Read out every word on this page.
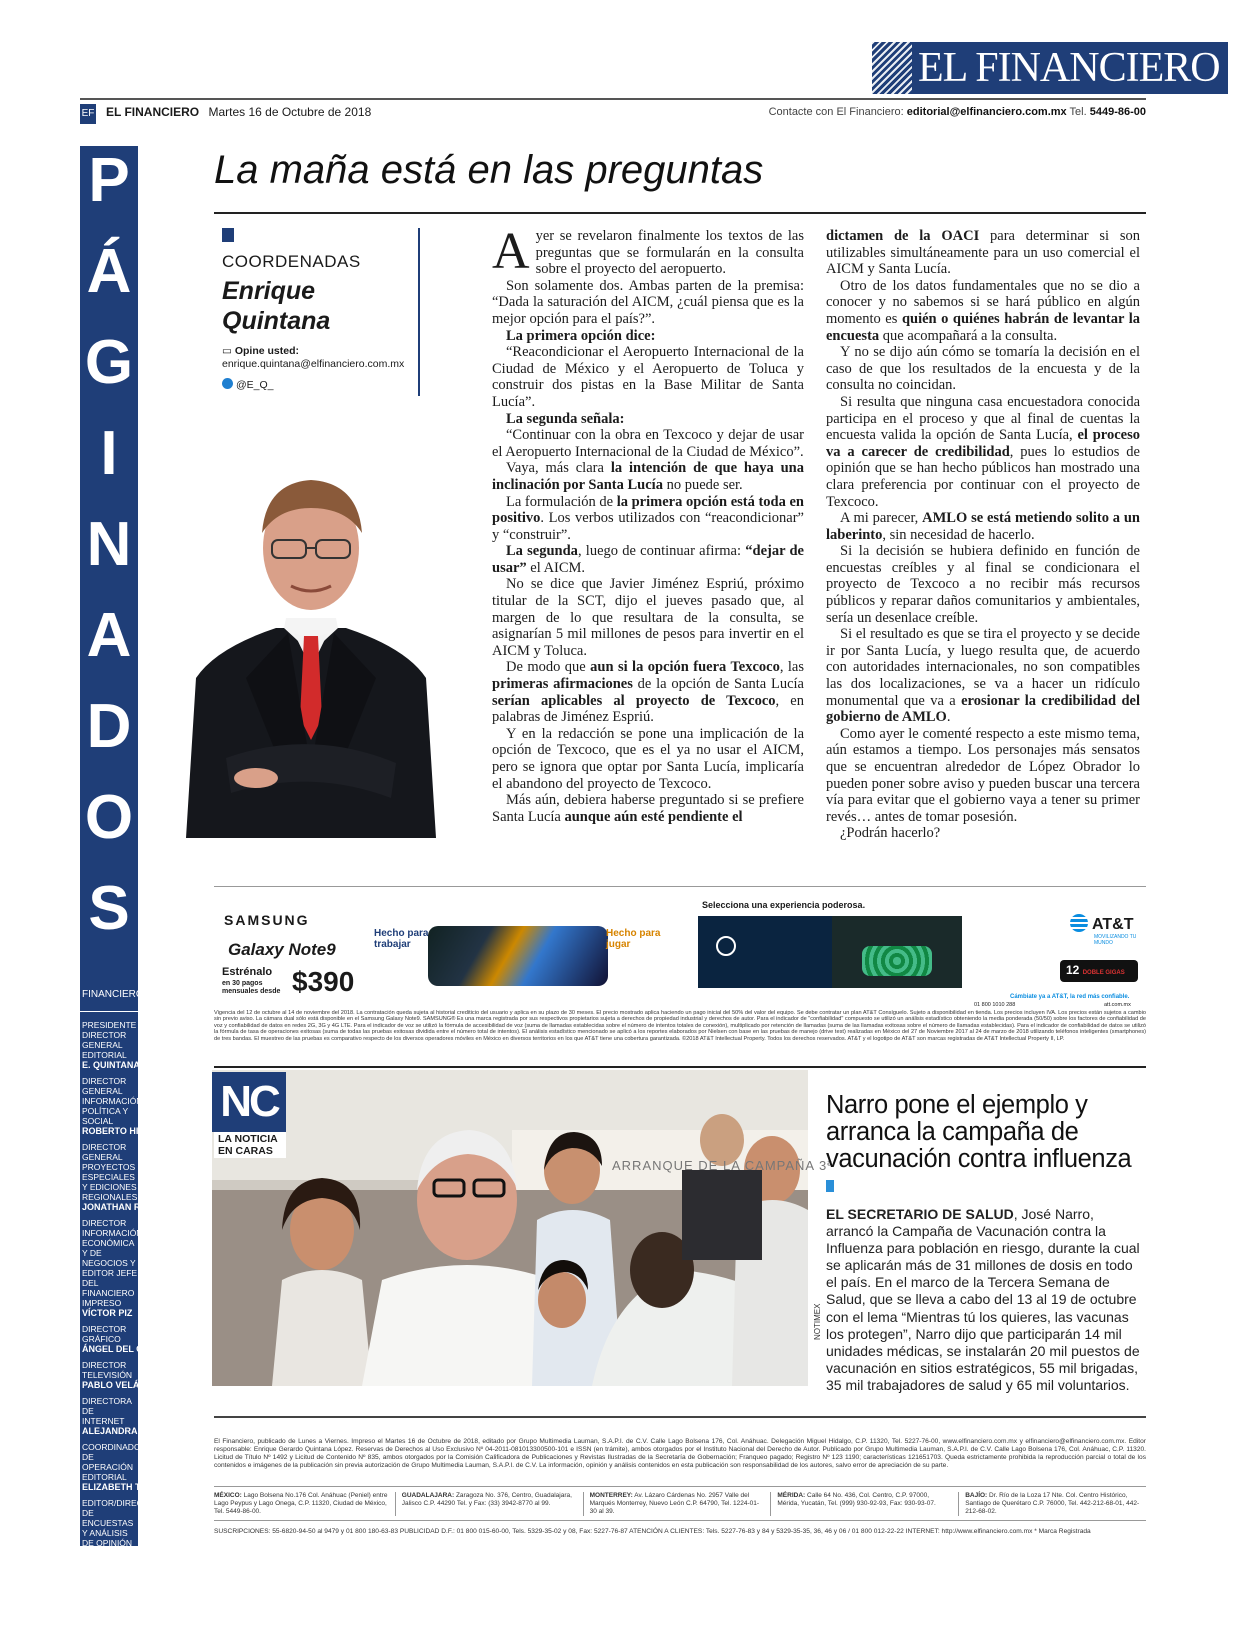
EL FINANCIERO
EF EL FINANCIERO Martes 16 de Octubre de 2018	Contacte con El Financiero: editorial@elfinanciero.com.mx Tel. 5449-86-00
P
Á
G
I
N
A
D
O
S
FINANCIERO
PRESIDENTE DIRECTOR GENERAL EDITORIAL
E. QUINTANA
DIRECTOR GENERAL INFORMACIÓN POLÍTICA Y SOCIAL
ROBERTO HIRIART
DIRECTOR GENERAL PROYECTOS ESPECIALES Y EDICIONES REGIONALES
JONATHAN RUIZ
DIRECTOR INFORMACIÓN ECONÓMICA Y DE NEGOCIOS Y EDITOR JEFE DEL FINANCIERO IMPRESO
VÍCTOR PIZ
DIRECTOR GRÁFICO
ÁNGEL DEL CASTILLO
DIRECTOR TELEVISIÓN
PABLO VELÁZQUEZ
DIRECTORA DE INTERNET
ALEJANDRA CÉSAR
COORDINADORA DE OPERACIÓN EDITORIAL
ELIZABETH TORREZ
EDITOR/DIRECTOR DE ENCUESTAS Y ANÁLISIS DE OPINIÓN
ALEJANDRO MORENO
DIRECTORA COMERCIAL
ELIZABETH SÁENZ
DIRECTOR DE CIRCULACIÓN
FERNANDO ARNAUD
La maña está en las preguntas
COORDENADAS
Enrique Quintana
▭ Opine usted:
enrique.quintana@elfinanciero.com.mx
@E_Q_

Ayer se revelaron finalmente los textos de las preguntas que se formularán en la consulta sobre el proyecto del aeropuerto.

Son solamente dos. Ambas parten de la premisa: “Dada la saturación del AICM, ¿cuál piensa que es la mejor opción para el país?”.

La primera opción dice:

“Reacondicionar el Aeropuerto Internacional de la Ciudad de México y el Aeropuerto de Toluca y construir dos pistas en la Base Militar de Santa Lucía”.

La segunda señala:

“Continuar con la obra en Texcoco y dejar de usar el Aeropuerto Internacional de la Ciudad de México”.

Vaya, más clara la intención de que haya una inclinación por Santa Lucía no puede ser.

La formulación de la primera opción está toda en positivo. Los verbos utilizados con “reacondicionar” y “construir”.

La segunda, luego de continuar afirma: “dejar de usar” el AICM.

No se dice que Javier Jiménez Espriú, próximo titular de la SCT, dijo el jueves pasado que, al margen de lo que resultara de la consulta, se asignarían 5 mil millones de pesos para invertir en el AICM y Toluca.

De modo que aun si la opción fuera Texcoco, las primeras afirmaciones de la opción de Santa Lucía serían aplicables al proyecto de Texcoco, en palabras de Jiménez Espriú.

Y en la redacción se pone una implicación de la opción de Texcoco, que es el ya no usar el AICM, pero se ignora que optar por Santa Lucía, implicaría el abandono del proyecto de Texcoco.

Más aún, debiera haberse preguntado si se prefiere Santa Lucía aunque aún esté pendiente el

dictamen de la OACI para determinar si son utilizables simultáneamente para un uso comercial el AICM y Santa Lucía.

Otro de los datos fundamentales que no se dio a conocer y no sabemos si se hará público en algún momento es quién o quiénes habrán de levantar la encuesta que acompañará a la consulta.

Y no se dijo aún cómo se tomaría la decisión en el caso de que los resultados de la encuesta y de la consulta no coincidan.

Si resulta que ninguna casa encuestadora conocida participa en el proceso y que al final de cuentas la encuesta valida la opción de Santa Lucía, el proceso va a carecer de credibilidad, pues lo estudios de opinión que se han hecho públicos han mostrado una clara preferencia por continuar con el proyecto de Texcoco.

A mi parecer, AMLO se está metiendo solito a un laberinto, sin necesidad de hacerlo.

Si la decisión se hubiera definido en función de encuestas creíbles y al final se condicionara el proyecto de Texcoco a no recibir más recursos públicos y reparar daños comunitarios y ambientales, sería un desenlace creíble.

Si el resultado es que se tira el proyecto y se decide ir por Santa Lucía, y luego resulta que, de acuerdo con autoridades internacionales, no son compatibles las dos localizaciones, se va a hacer un ridículo monumental que va a erosionar la credibilidad del gobierno de AMLO.

Como ayer le comenté respecto a este mismo tema, aún estamos a tiempo. Los personajes más sensatos que se encuentran alrededor de López Obrador lo pueden poner sobre aviso y pueden buscar una tercera vía para evitar que el gobierno vaya a tener su primer revés… antes de tomar posesión.

¿Podrán hacerlo?

SAMSUNG
Galaxy Note9
Estrénalo
en 30 pagos mensuales desde $390
Hecho para trabajar
Hecho para jugar
Selecciona una experiencia poderosa.
AT&T
MOVILIZANDO TU MUNDO
12 DOBLE GIGAS
Cámbiate ya a AT&T, la red más confiable.
01 800 1010 288	att.com.mx
Vigencia del 12 de octubre al 14 de noviembre del 2018. La contratación queda sujeta al historial crediticio del usuario y aplica en su plazo de 30 meses. El precio mostrado aplica haciendo un pago inicial del 50% del valor del equipo. Se debe contratar un plan AT&T Consíguelo. Sujeto a disponibilidad en tienda. Los precios incluyen IVA. Los precios están sujetos a cambio sin previo aviso. La cámara dual sólo está disponible en el Samsung Galaxy Note9. SAMSUNG® Es una marca registrada por sus respectivos propietarios sujeta a derechos de propiedad industrial y derechos de autor. Para el indicador de "confiabilidad" compuesto se utilizó un análisis estadístico obteniendo la media ponderada (50/50) sobre los factores de confiabilidad de voz y confiabilidad de datos en redes 2G, 3G y 4G LTE. Para el indicador de voz se utilizó la fórmula de accesibilidad de voz (suma de llamadas establecidas sobre el número de intentos totales de conexión), multiplicado por retención de llamadas (suma de las llamadas exitosas sobre el número de llamadas establecidas). Para el indicador de confiabilidad de datos se utilizó la fórmula de tasa de operaciones exitosas (suma de todas las pruebas exitosas dividida entre el número total de intentos). El análisis estadístico mencionado se aplicó a los reportes elaborados por Nielsen con base en las pruebas de manejo (drive test) realizadas en México del 27 de Noviembre 2017 al 24 de marzo de 2018 utilizando teléfonos inteligentes (smartphones) de tres bandas. El muestreo de las pruebas es comparativo respecto de los diversos operadores móviles en México en diversos territorios en los que AT&T tiene una cobertura garantizada. ©2018 AT&T Intellectual Property. Todos los derechos reservados. AT&T y el logotipo de AT&T son marcas registradas de AT&T Intellectual Property II, LP.
ARRANQUE DE LA CAMPAÑA 3ª
NC
LA NOTICIA EN CARAS
NOTIMEX
Narro pone el ejemplo y arranca la campaña de vacunación contra influenza
EL SECRETARIO DE SALUD, José Narro, arrancó la Campaña de Vacunación contra la Influenza para población en riesgo, durante la cual se aplicarán más de 31 millones de dosis en todo el país. En el marco de la Tercera Semana de Salud, que se lleva a cabo del 13 al 19 de octubre con el lema “Mientras tú los quieres, las vacunas los protegen”, Narro dijo que participarán 14 mil unidades médicas, se instalarán 20 mil puestos de vacunación en sitios estratégicos, 55 mil brigadas, 35 mil trabajadores de salud y 65 mil voluntarios.
El Financiero, publicado de Lunes a Viernes. Impreso el Martes 16 de Octubre de 2018, editado por Grupo Multimedia Lauman, S.A.P.I. de C.V. Calle Lago Bolsena 176, Col. Anáhuac. Delegación Miguel Hidalgo, C.P. 11320, Tel. 5227-76-00, www.elfinanciero.com.mx y elfinanciero@elfinanciero.com.mx. Editor responsable: Enrique Gerardo Quintana López. Reservas de Derechos al Uso Exclusivo Nº 04-2011-081013300500-101 e ISSN (en trámite), ambos otorgados por el Instituto Nacional del Derecho de Autor. Publicado por Grupo Multimedia Lauman, S.A.P.I. de C.V. Calle Lago Bolsena 176, Col. Anáhuac, C.P. 11320. Licitud de Título Nº 1492 y Licitud de Contenido Nº 835, ambos otorgados por la Comisión Calificadora de Publicaciones y Revistas Ilustradas de la Secretaría de Gobernación; Franqueo pagado; Registro Nº 123 1190; características 121651703. Queda estrictamente prohibida la reproducción parcial o total de los contenidos e imágenes de la publicación sin previa autorización de Grupo Multimedia Lauman, S.A.P.I. de C.V. La información, opinión y análisis contenidos en esta publicación son responsabilidad de los autores, salvo error de apreciación de su parte.
MÉXICO: Lago Bolsena No.176 Col. Anáhuac (Peniel) entre Lago Peypus y Lago Onega, C.P. 11320, Ciudad de México, Tel. 5449-86-00.
GUADALAJARA: Zaragoza No. 376, Centro, Guadalajara, Jalisco C.P. 44290 Tel. y Fax: (33) 3942-8770 al 99.
MONTERREY: Av. Lázaro Cárdenas No. 2957 Valle del Marqués Monterrey, Nuevo León C.P. 64790, Tel. 1224-01-30 al 39.
MÉRIDA: Calle 64 No. 436, Col. Centro, C.P. 97000, Mérida, Yucatán, Tel. (999) 930-92-93, Fax: 930-93-07.
BAJÍO: Dr. Río de la Loza 17 Nte. Col. Centro Histórico, Santiago de Querétaro C.P. 76000, Tel. 442-212-68-01, 442-212-68-02.
SUSCRIPCIONES: 55-6820-94-50 al 9479 y 01 800 180-63-83 PUBLICIDAD D.F.: 01 800 015-60-00, Tels. 5329-35-02 y 08, Fax: 5227-76-87 ATENCIÓN A CLIENTES: Tels. 5227-76-83 y 84 y 5329-35-35, 36, 46 y 06 / 01 800 012-22-22 INTERNET: http://www.elfinanciero.com.mx * Marca Registrada
